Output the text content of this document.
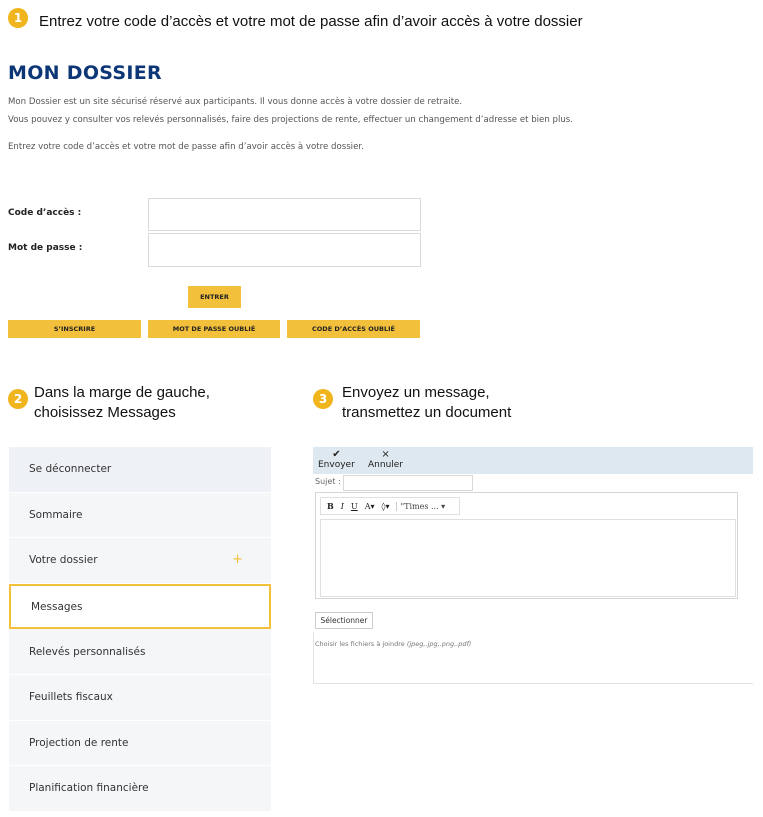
1	Entrez votre code d’accès et votre mot de passe afin d’avoir accès à votre dossier
MON DOSSIER
Mon Dossier est un site sécurisé réservé aux participants. Il vous donne accès à votre dossier de retraite.
Vous pouvez y consulter vos relevés personnalisés, faire des projections de rente, effectuer un changement d’adresse et bien plus.
Entrez votre code d’accès et votre mot de passe afin d’avoir accès à votre dossier.
Code d’accès :
Mot de passe :
ENTRER
S’INSCRIRE	MOT DE PASSE OUBLIÉ	CODE D’ACCÈS OUBLIÉ
2 Dans la marge de gauche,
choisissez Messages
3 Envoyez un message,
transmettez un document
Se déconnecter
Sommaire
Votre dossier	+
Messages
Relevés personnalisés
Feuillets fiscaux
Projection de rente
Planification financière
✔
Envoyer
×
Annuler
Sujet :
B I U A▾ ◊▾	"Times ... ▾
Sélectionner
Choisir les fichiers à joindre (jpeg,.jpg,.png,.pdf)
